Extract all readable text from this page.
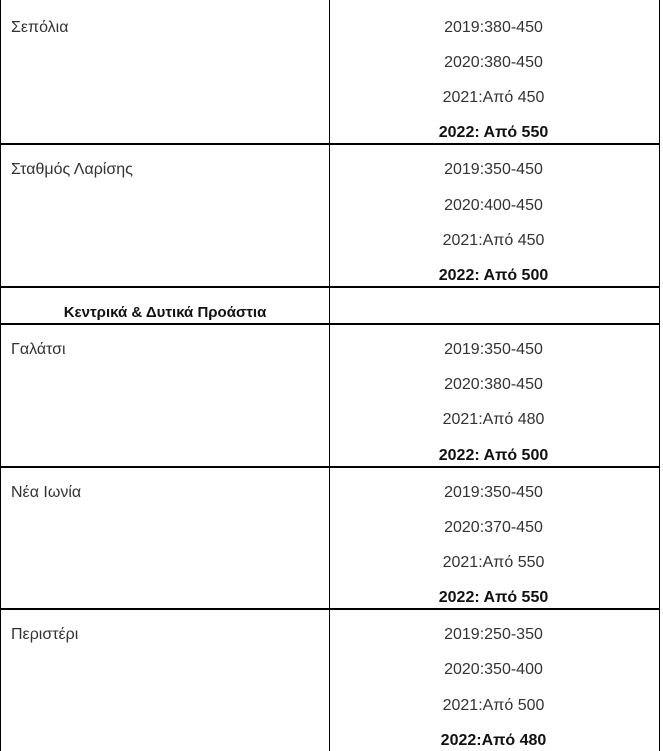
Σεπόλια	2019:380-450
2020:380-450
2021:Από 450
2022: Από 550
Σταθμός Λαρίσης	2019:350-450
2020:400-450
2021:Από 450
2022: Από 500
Κεντρικά & Δυτικά Προάστια
Γαλάτσι	2019:350-450
2020:380-450
2021:Από 480
2022: Από 500
Νέα Ιωνία	2019:350-450
2020:370-450
2021:Από 550
2022: Από 550
Περιστέρι	2019:250-350
2020:350-400
2021:Από 500
2022:Από 480
